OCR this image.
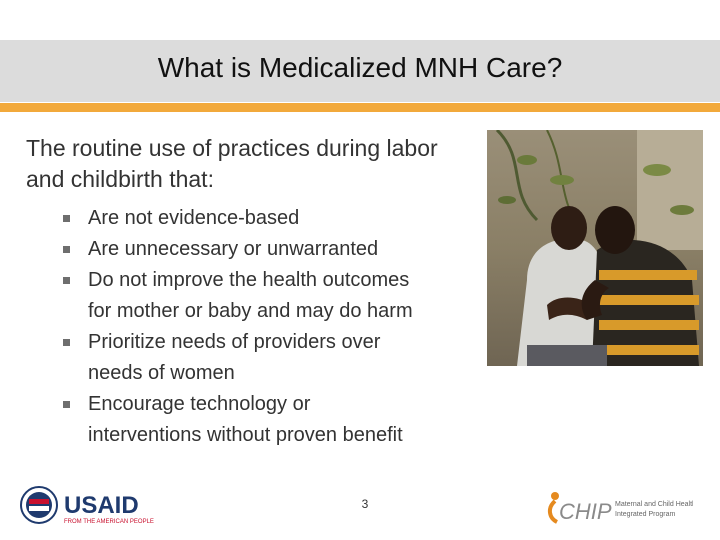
What is Medicalized MNH Care?
The routine use of practices during labor and childbirth that:
Are not evidence-based
Are unnecessary or unwarranted
Do not improve the health outcomes
for mother or baby and may do harm
Prioritize needs of providers over
needs of women
Encourage technology or
interventions without proven benefit
3
USAID
FROM THE AMERICAN PEOPLE	CHIP Maternal and Child Health
Integrated Program
